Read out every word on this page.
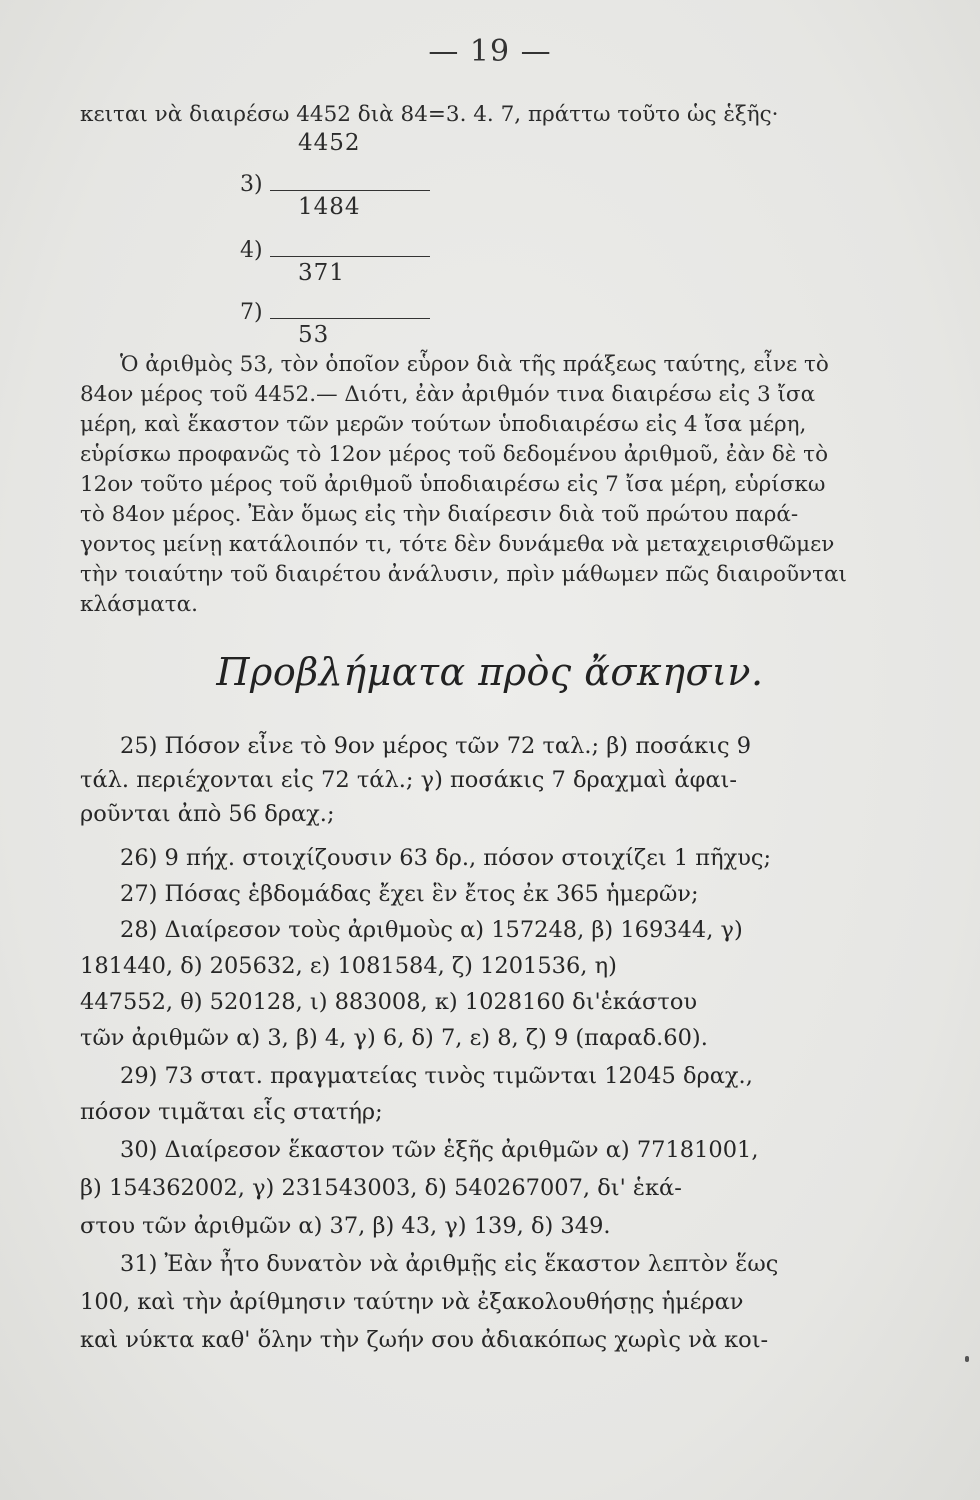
— 19 —
κειται νὰ διαιρέσω 4452 διὰ 84=3. 4. 7, πράττω τοῦτο ὡς ἑξῆς·
4452
3)
1484
4)
371
7)
53
Ὁ ἀριθμὸς 53, τὸν ὁποῖον εὗρον διὰ τῆς πράξεως ταύτης, εἶνε τὸ
84ον μέρος τοῦ 4452.— Διότι, ἐὰν ἀριθμόν τινα διαιρέσω εἰς 3 ἴσα
μέρη, καὶ ἕκαστον τῶν μερῶν τούτων ὑποδιαιρέσω εἰς 4 ἴσα μέρη,
εὑρίσκω προφανῶς τὸ 12ον μέρος τοῦ δεδομένου ἀριθμοῦ, ἐὰν δὲ τὸ
12ον τοῦτο μέρος τοῦ ἀριθμοῦ ὑποδιαιρέσω εἰς 7 ἴσα μέρη, εὑρίσκω
τὸ 84ον μέρος. Ἐὰν ὅμως εἰς τὴν διαίρεσιν διὰ τοῦ πρώτου παρά-
γοντος μείνῃ κατάλοιπόν τι, τότε δὲν δυνάμεθα νὰ μεταχειρισθῶμεν
τὴν τοιαύτην τοῦ διαιρέτου ἀνάλυσιν, πρὶν μάθωμεν πῶς διαιροῦνται
κλάσματα.
Προβλήματα πρὸς ἄσκησιν.
25) Πόσον εἶνε τὸ 9ον μέρος τῶν 72 ταλ.; β) ποσάκις 9
τάλ. περιέχονται εἰς 72 τάλ.; γ) ποσάκις 7 δραχμαὶ ἀφαι-
ροῦνται ἀπὸ 56 δραχ.;
26) 9 πήχ. στοιχίζουσιν 63 δρ., πόσον στοιχίζει 1 πῆχυς;
27) Πόσας ἑβδομάδας ἔχει ἓν ἔτος ἐκ 365 ἡμερῶν;
28) Διαίρεσον τοὺς ἀριθμοὺς α) 157248, β) 169344, γ)
181440, δ) 205632, ε) 1081584, ζ) 1201536, η)
447552, θ) 520128, ι) 883008, κ) 1028160 δι'ἑκάστου
τῶν ἀριθμῶν α) 3, β) 4, γ) 6, δ) 7, ε) 8, ζ) 9 (παραδ.60).
29) 73 στατ. πραγματείας τινὸς τιμῶνται 12045 δραχ.,
πόσον τιμᾶται εἷς στατήρ;
30) Διαίρεσον ἕκαστον τῶν ἑξῆς ἀριθμῶν α) 77181001,
β) 154362002, γ) 231543003, δ) 540267007, δι' ἑκά-
στου τῶν ἀριθμῶν α) 37, β) 43, γ) 139, δ) 349.
31) Ἐὰν ἦτο δυνατὸν νὰ ἀριθμῇς εἰς ἕκαστον λεπτὸν ἕως
100, καὶ τὴν ἀρίθμησιν ταύτην νὰ ἐξακολουθήσῃς ἡμέραν
καὶ νύκτα καθ' ὅλην τὴν ζωήν σου ἀδιακόπως χωρὶς νὰ κοι-
